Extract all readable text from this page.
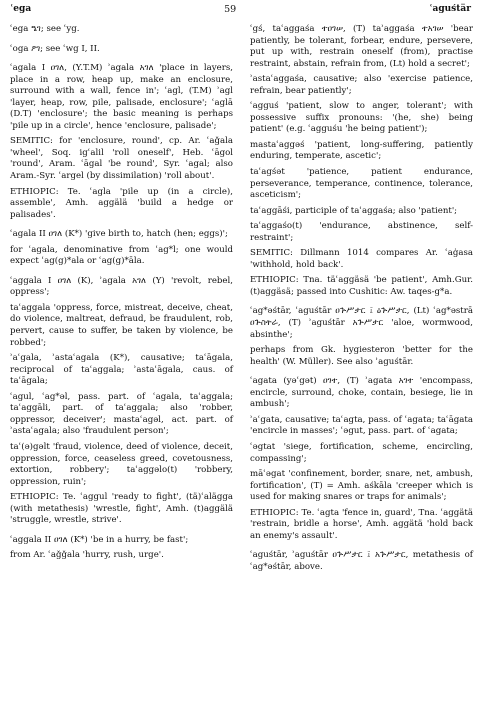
ʿega	59	ʿaguśtär

ʿega ዔገ; see ʿyg.

ʿoga ዖገ; see ʿwg I, II.

ʿagala I ዐገለ, (Y.T.M) ʾagala አገለ 'place in layers, place in a row, heap up, make an enclosure, surround with a wall, fence in'; ʿagl, (T.M) ʾagl 'layer, heap, row, pile, palisade, enclosure'; ʿaglā (D.T) 'enclosure'; the basic meaning is perhaps 'pile up in a circle', hence 'enclosure, palisade';

SEMITIC: for 'enclosure, round', cp. Ar. ʿaǧala 'wheel', Soq. igʿalil 'roll oneself', Heb. ʿāgol 'round', Aram. ʿāgal 'be round', Syr. ʿagal; also Aram.-Syr. ʿargel (by dissimilation) 'roll about'.

ETHIOPIC: Te. ʿagla 'pile up (in a circle), assemble', Amh. aggälä 'build a hedge or palisades'.

ʿagala II ዐገለ (K*) 'give birth to, hatch (hen; eggs)';

for ʿagala, denominative from ʿag*l; one would expect ʿag(g)*ala or ʿag(g)*āla.

ʿaggala I ዐገለ (K), ʾagala አገለ (Y) 'revolt, rebel, oppress';

taʿaggala 'oppress, force, mistreat, deceive, cheat, do violence, maltreat, defraud, be fraudulent, rob, pervert, cause to suffer, be taken by violence, be robbed';

ʾaʿgala, ʾastaʿagala (K*), causative; taʿāgala, reciprocal of taʿaggala; ʾastaʿāgala, caus. of taʿāgala;

ʿagul, ʿag*əl, pass. part. of ʿagala, taʿaggala; taʿaggāli, part. of taʿaggala; also 'robber, oppressor, deceiver'; mastaʿagəl, act. part. of ʾastaʿagala; also 'fraudulent person';

taʿ(ə)gəlt 'fraud, violence, deed of violence, deceit, oppression, force, ceaseless greed, covetousness, extortion, robbery'; taʿaggəlo(t) 'robbery, oppression, ruin';

ETHIOPIC: Te. ʿaggul 'ready to fight', (tä)ʿalägga (with metathesis) 'wrestle, fight', Amh. (t)aggälä 'struggle, wrestle, strive'.

ʿaggala II ዐገለ (K*) 'be in a hurry, be fast';

from Ar. ʿaǧǧala 'hurry, rush, urge'.

ʿgś, taʿaggaśa ተዐገሠ, (T) taʾaggaśa ተአገሠ 'bear patiently, be tolerant, forbear, endure, persevere, put up with, restrain oneself (from), practise restraint, abstain, refrain from, (Lt) hold a secret';

ʾastaʿaggaśa, causative; also 'exercise patience, refrain, bear patiently';

ʿagguś 'patient, slow to anger, tolerant'; with possessive suffix pronouns: '(he, she) being patient' (e.g. ʿagguśu 'he being patient');

mastaʿaggəś 'patient, long-suffering, patiently enduring, temperate, ascetic';

taʿagśət 'patience, patient endurance, perseverance, temperance, continence, tolerance, asceticism';

taʿaggāśi, participle of taʿaggaśa; also 'patient';

taʿaggaśo(t) 'endurance, abstinence, self-restraint';

SEMITIC: Dillmann 1014 compares Ar. ʿaġasa 'withhold, hold back'.

ETHIOPIC: Tna. täʿaggäsä 'be patient', Amh.Gur. (t)aggäsä; passed into Cushitic: Aw. taqes-g*a.

ʿag*əśtār, ʿaguśtār ዐጕሥታር ፤ ዕጕሥታር, (Lt) ʿag*əstrā ዐጕስትራ, (T) ʾaguśtār አጕሥታር 'aloe, wormwood, absinthe';

perhaps from Gk. hygiesteron 'better for the health' (W. Müller). See also ʾaguśtār.

ʿagata (yəʿgət) ዐገተ, (T) ʾagata አገተ 'encompass, encircle, surround, choke, contain, besiege, lie in ambush';

ʾaʿgata, causative; taʿagta, pass. of ʿagata; taʿāgata 'encircle in masses'; ʿəgut, pass. part. of ʿagata;

ʿəgtat 'siege, fortification, scheme, encircling, compassing';

māʿəgat 'confinement, border, snare, net, ambush, fortification', (T) = Amh. aśkāla 'creeper which is used for making snares or traps for animals';

ETHIOPIC: Te. ʿagta 'fence in, guard', Tna. ʿaggätä 'restrain, bridle a horse', Amh. aggätä 'hold back an enemy's assault'.

ʿaguśtār, ʾaguśtār ዐጕሥታር ፤ አጕሥታር, metathesis of ʿag*əśtār, above.
